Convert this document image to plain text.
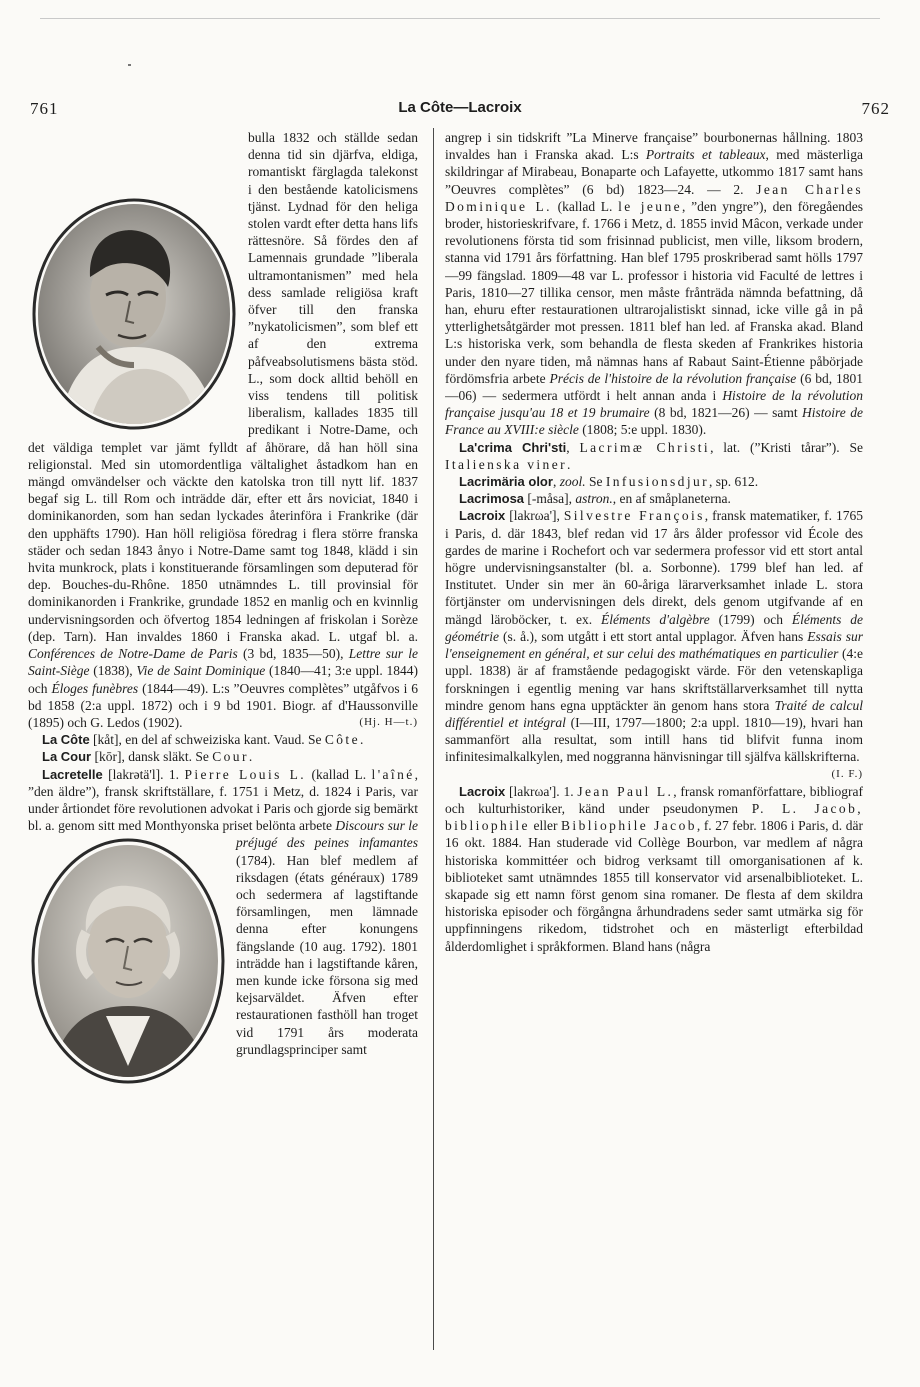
761	La Côte—Lacroix	762

bulla 1832 och ställde sedan denna tid sin djärfva, eldiga, romantiskt färglagda talekonst i den bestående katolicismens tjänst. Lydnad för den heliga stolen vardt efter detta hans lifs rättesnöre. Så fördes den af Lamennais grundade ”liberala ultramontanismen” med hela dess samlade religiösa kraft öfver till den franska ”nykatolicismen”, som blef ett af den extrema påfveabsolutismens bästa stöd. L., som dock alltid behöll en viss tendens till politisk liberalism, kallades 1835 till predikant i Notre-Dame, och det väldiga templet var jämt fylldt af åhörare, då han höll sina religionstal. Med sin utomordentliga vältalighet åstadkom han en mängd omvändelser och väckte den katolska tron till nytt lif. 1837 begaf sig L. till Rom och inträdde där, efter ett års noviciat, 1840 i dominikanorden, som han sedan lyckades återinföra i Frankrike (där den upphäfts 1790). Han höll religiösa föredrag i flera större franska städer och sedan 1843 ånyo i Notre-Dame samt tog 1848, klädd i sin hvita munkrock, plats i konstituerande församlingen som deputerad för dep. Bouches-du-Rhône. 1850 utnämndes L. till provinsial för dominikanorden i Frankrike, grundade 1852 en manlig och en kvinnlig undervisningsorden och öfvertog 1854 ledningen af friskolan i Sorèze (dep. Tarn). Han invaldes 1860 i Franska akad. L. utgaf bl. a. Conférences de Notre-Dame de Paris (3 bd, 1835—50), Lettre sur le Saint-Siège (1838), Vie de Saint Dominique (1840—41; 3:e uppl. 1844) och Éloges funèbres (1844—49). L:s ”Oeuvres complètes” utgåfvos i 6 bd 1858 (2:a uppl. 1872) och i 9 bd 1901. Biogr. af d'Haussonville (1895) och G. Ledos (1902).	(Hj. H—t.)

La Côte [kåt], en del af schweiziska kant. Vaud. Se Côte.

La Cour [kōr], dansk släkt. Se Cour.

Lacretelle [lakrətä'l]. 1. Pierre Louis L. (kallad L. l'aîné, ”den äldre”), fransk skriftställare, f. 1751 i Metz, d. 1824 i Paris, var under årtiondet före revolutionen advokat i Paris och gjorde sig bemärkt bl. a. genom sitt med Monthyonska priset belönta arbete
Discours sur le préjugé des peines infamantes (1784). Han blef medlem af riksdagen (états généraux) 1789 och sedermera af lagstiftande församlingen, men lämnade denna efter konungens fängslande (10 aug. 1792). 1801 inträdde han i lagstiftande kåren, men kunde icke försona sig med kejsarväldet. Äfven efter restaurationen fasthöll han troget vid 1791 års moderata grundlagsprinciper samt

angrep i sin tidskrift ”La Minerve française” bourbonernas hållning. 1803 invaldes han i Franska akad. L:s Portraits et tableaux, med mästerliga skildringar af Mirabeau, Bonaparte och Lafayette, utkommo 1817 samt hans ”Oeuvres complètes” (6 bd) 1823—24. — 2. Jean Charles Dominique L. (kallad L. le jeune, ”den yngre”), den föregåendes broder, historieskrifvare, f. 1766 i Metz, d. 1855 invid Mâcon, verkade under revolutionens första tid som frisinnad publicist, men ville, liksom brodern, stanna vid 1791 års författning. Han blef 1795 proskriberad samt hölls 1797—99 fängslad. 1809—48 var L. professor i historia vid Faculté de lettres i Paris, 1810—27 tillika censor, men måste frånträda nämnda befattning, då han, ehuru efter restaurationen ultrarojalistiskt sinnad, icke ville gå in på ytterlighetsåtgärder mot pressen. 1811 blef han led. af Franska akad. Bland L:s historiska verk, som behandla de flesta skeden af Frankrikes historia under den nyare tiden, må nämnas hans af Rabaut Saint-Étienne påbörjade fördömsfria arbete Précis de l'histoire de la révolution française (6 bd, 1801—06) — sedermera utfördt i helt annan anda i Histoire de la révolution française jusqu'au 18 et 19 brumaire (8 bd, 1821—26) — samt Histoire de France au XVIII:e siècle (1808; 5:e uppl. 1830).

La'crima Chri'sti, Lacrimæ Christi, lat. (”Kristi tårar”). Se Italienska viner.

Lacrimäria olor, zool. Se Infusionsdjur, sp. 612.

Lacrimosa [-måsa], astron., en af småplaneterna.

Lacroix [lakrωa'], Silvestre François, fransk matematiker, f. 1765 i Paris, d. där 1843, blef redan vid 17 års ålder professor vid École des gardes de marine i Rochefort och var sedermera professor vid ett stort antal högre undervisningsanstalter (bl. a. Sorbonne). 1799 blef han led. af Institutet. Under sin mer än 60-åriga lärarverksamhet inlade L. stora förtjänster om undervisningen dels direkt, dels genom utgifvande af en mängd läroböcker, t. ex. Éléments d'algèbre (1799) och Éléments de géométrie (s. å.), som utgått i ett stort antal upplagor. Äfven hans Essais sur l'enseignement en général, et sur celui des mathématiques en particulier (4:e uppl. 1838) är af framstående pedagogiskt värde. För den vetenskapliga forskningen i egentlig mening var hans skriftställarverksamhet till nytta mindre genom hans egna upptäckter än genom hans stora Traité de calcul différentiel et intégral (I—III, 1797—1800; 2:a uppl. 1810—19), hvari han sammanfört alla resultat, som intill hans tid blifvit funna inom infinitesimalkalkylen, med noggranna hänvisningar till själfva källskrifterna.
(I. F.)

Lacroix [lakrωa']. 1. Jean Paul L., fransk romanförfattare, bibliograf och kulturhistoriker, känd under pseudonymen P. L. Jacob, bibliophile eller Bibliophile Jacob, f. 27 febr. 1806 i Paris, d. där 16 okt. 1884. Han studerade vid Collège Bourbon, var medlem af några historiska kommittéer och bidrog verksamt till omorganisationen af k. biblioteket samt utnämndes 1855 till konservator vid arsenalbiblioteket. L. skapade sig ett namn först genom sina romaner. De flesta af dem skildra historiska episoder och förgångna århundradens seder samt utmärka sig för uppfinningens rikedom, tidstrohet och en mästerligt efterbildad ålderdomlighet i språkformen. Bland hans (några
